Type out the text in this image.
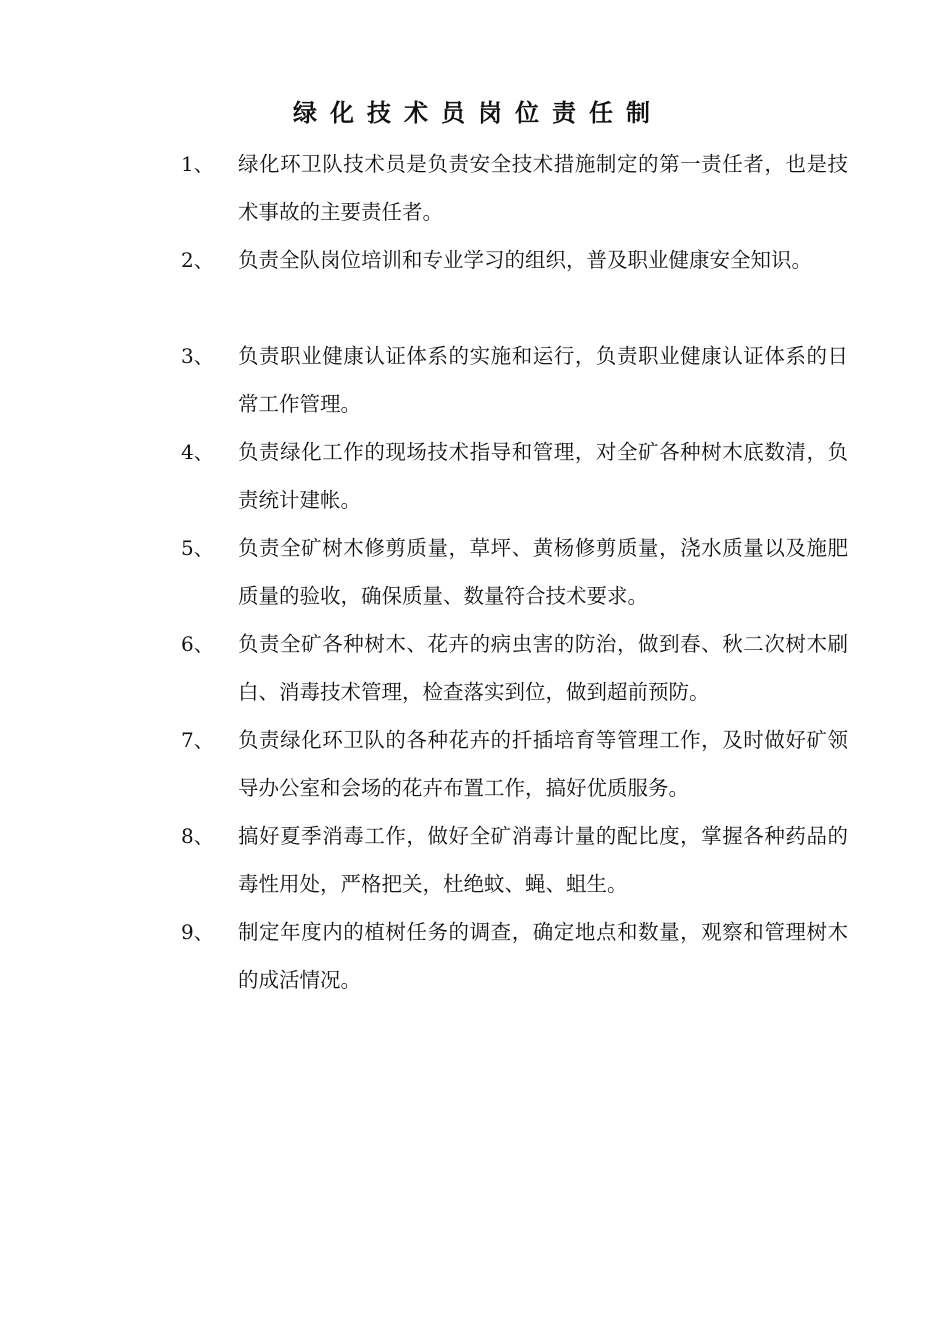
绿化技术员岗位责任制
1、 绿化环卫队技术员是负责安全技术措施制定的第一责任者，也是技术事故的主要责任者。
2、 负责全队岗位培训和专业学习的组织，普及职业健康安全知识。
3、 负责职业健康认证体系的实施和运行，负责职业健康认证体系的日常工作管理。
4、 负责绿化工作的现场技术指导和管理，对全矿各种树木底数清，负责统计建帐。
5、 负责全矿树木修剪质量，草坪、黄杨修剪质量，浇水质量以及施肥质量的验收，确保质量、数量符合技术要求。
6、 负责全矿各种树木、花卉的病虫害的防治，做到春、秋二次树木刷白、消毒技术管理，检查落实到位，做到超前预防。
7、 负责绿化环卫队的各种花卉的扦插培育等管理工作，及时做好矿领导办公室和会场的花卉布置工作，搞好优质服务。
8、 搞好夏季消毒工作，做好全矿消毒计量的配比度，掌握各种药品的毒性用处，严格把关，杜绝蚊、蝇、蛆生。
9、 制定年度内的植树任务的调查，确定地点和数量，观察和管理树木的成活情况。
